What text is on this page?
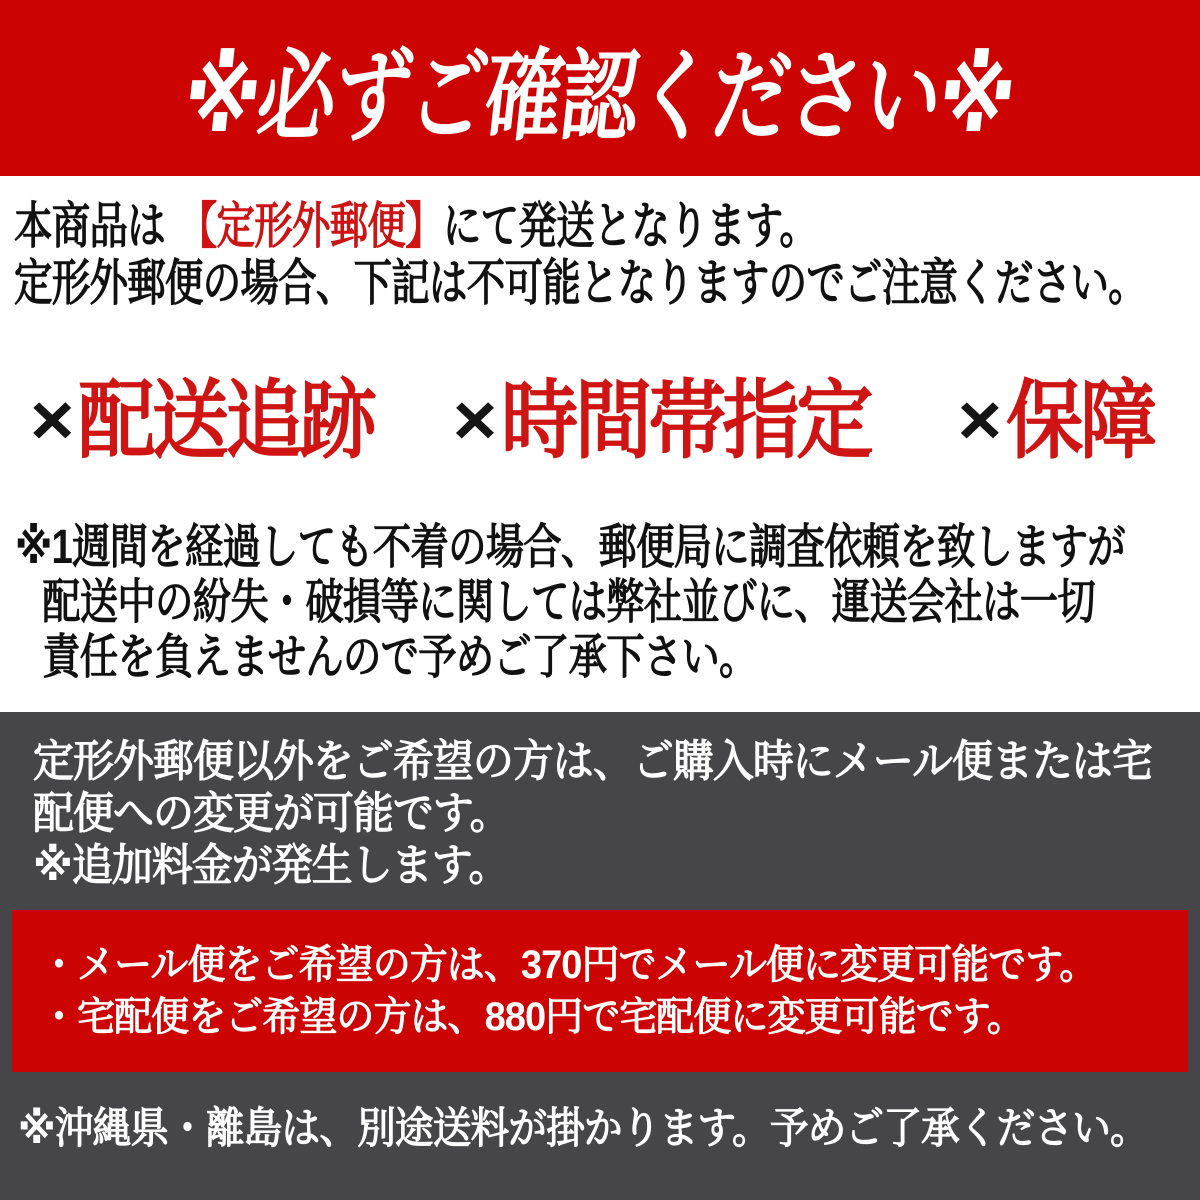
※必ずご確認ください※
本商品は 【定形外郵便】にて発送となります。
定形外郵便の場合、下記は不可能となりますのでご注意ください。
× 配送追跡 × 時間帯指定 × 保障
※1週間を経過しても不着の場合、郵便局に調査依頼を致しますが
配送中の紛失・破損等に関しては弊社並びに、運送会社は一切
責任を負えませんので予めご了承下さい。
定形外郵便以外をご希望の方は、ご購入時にメール便または宅
配便への変更が可能です。
※追加料金が発生します。
・メール便をご希望の方は、370円でメール便に変更可能です。
・宅配便をご希望の方は、880円で宅配便に変更可能です。
※沖縄県・離島は、別途送料が掛かります。予めご了承ください。
